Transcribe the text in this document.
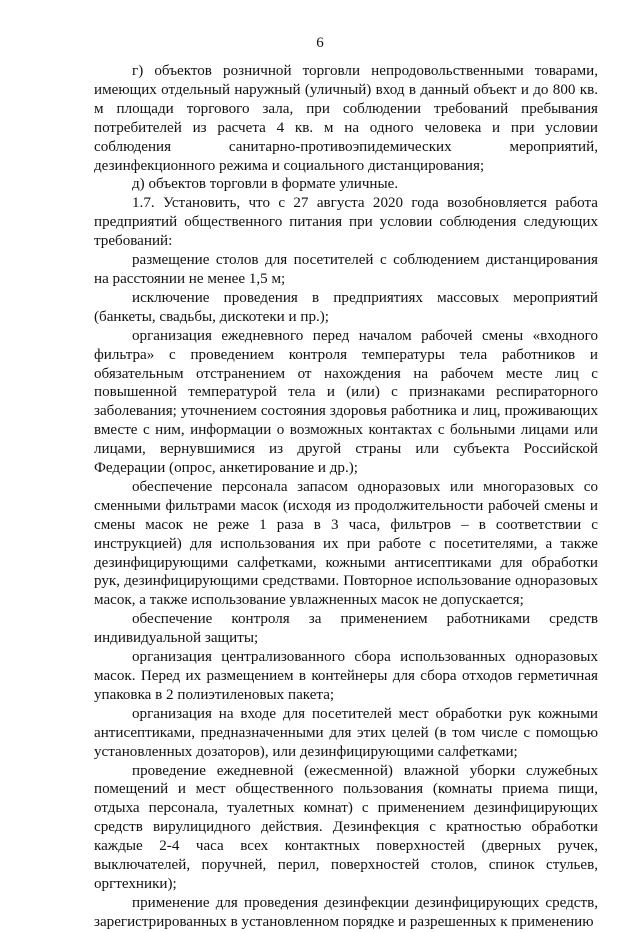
6

г) объектов розничной торговли непродовольственными товарами, имеющих отдельный наружный (уличный) вход в данный объект и до 800 кв. м площади торгового зала, при соблюдении требований пребывания потребителей из расчета 4 кв. м на одного человека и при условии соблюдения санитарно-противоэпидемических мероприятий, дезинфекционного режима и социального дистанцирования;

д) объектов торговли в формате уличные.

1.7. Установить, что с 27 августа 2020 года возобновляется работа предприятий общественного питания при условии соблюдения следующих требований:

размещение столов для посетителей с соблюдением дистанцирования на расстоянии не менее 1,5 м;

исключение проведения в предприятиях массовых мероприятий (банкеты, свадьбы, дискотеки и пр.);

организация ежедневного перед началом рабочей смены «входного фильтра» с проведением контроля температуры тела работников и обязательным отстранением от нахождения на рабочем месте лиц с повышенной температурой тела и (или) с признаками респираторного заболевания; уточнением состояния здоровья работника и лиц, проживающих вместе с ним, информации о возможных контактах с больными лицами или лицами, вернувшимися из другой страны или субъекта Российской Федерации (опрос, анкетирование и др.);

обеспечение персонала запасом одноразовых или многоразовых со сменными фильтрами масок (исходя из продолжительности рабочей смены и смены масок не реже 1 раза в 3 часа, фильтров – в соответствии с инструкцией) для использования их при работе с посетителями, а также дезинфицирующими салфетками, кожными антисептиками для обработки рук, дезинфицирующими средствами. Повторное использование одноразовых масок, а также использование увлажненных масок не допускается;

обеспечение контроля за применением работниками средств индивидуальной защиты;

организация централизованного сбора использованных одноразовых масок. Перед их размещением в контейнеры для сбора отходов герметичная упаковка в 2 полиэтиленовых пакета;

организация на входе для посетителей мест обработки рук кожными антисептиками, предназначенными для этих целей (в том числе с помощью установленных дозаторов), или дезинфицирующими салфетками;

проведение ежедневной (ежесменной) влажной уборки служебных помещений и мест общественного пользования (комнаты приема пищи, отдыха персонала, туалетных комнат) с применением дезинфицирующих средств вирулицидного действия. Дезинфекция с кратностью обработки каждые 2-4 часа всех контактных поверхностей (дверных ручек, выключателей, поручней, перил, поверхностей столов, спинок стульев, оргтехники);

применение для проведения дезинфекции дезинфицирующих средств, зарегистрированных в установленном порядке и разрешенных к применению
